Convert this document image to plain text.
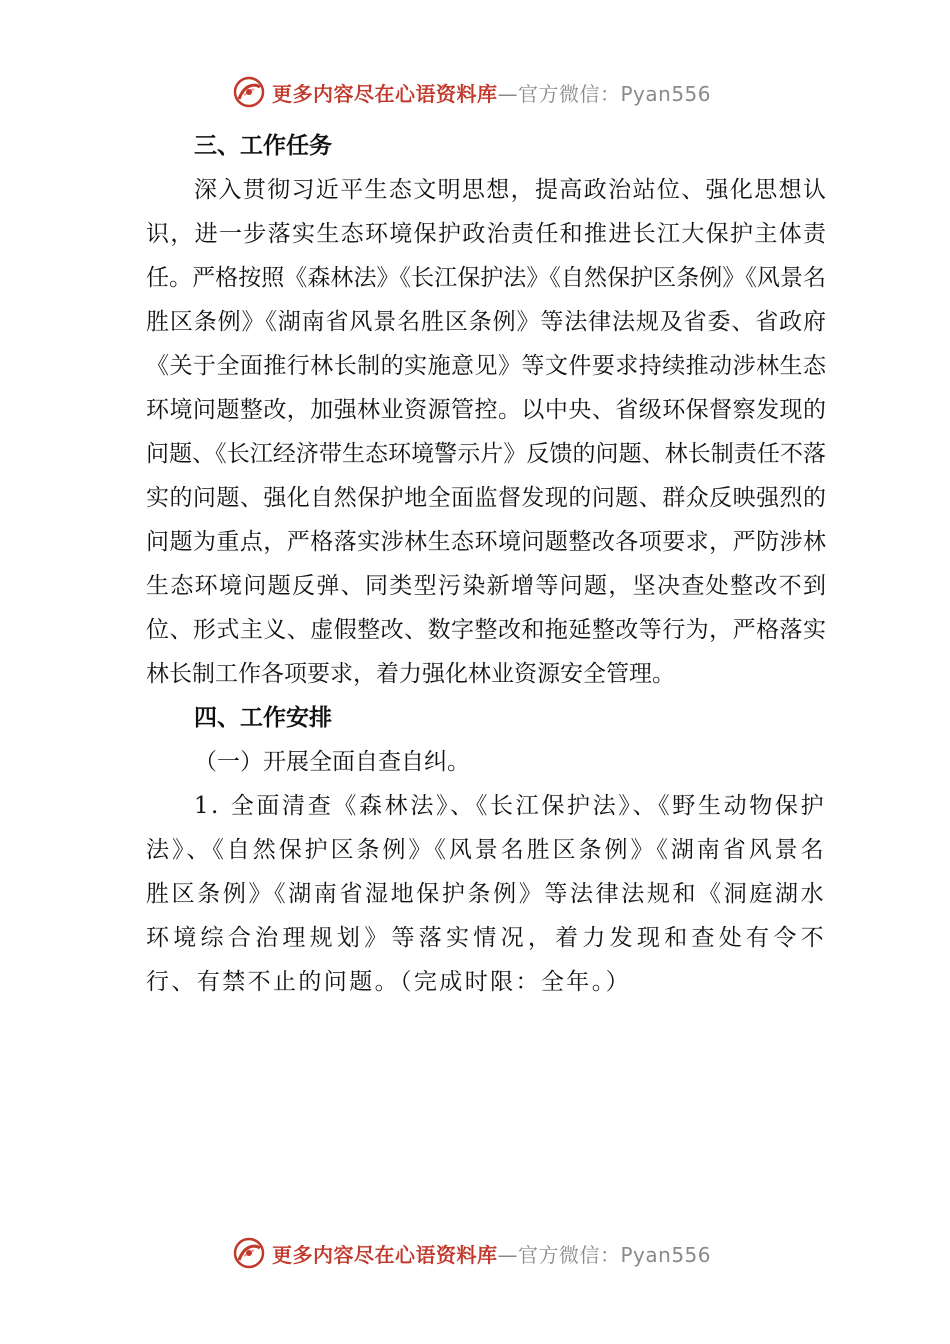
更多内容尽在心语资料库—官方微信：Pyan556

三、工作任务

深入贯彻习近平生态文明思想，提高政治站位、强化思想认识，进一步落实生态环境保护政治责任和推进长江大保护主体责任。严格按照《森林法》《长江保护法》《自然保护区条例》《风景名胜区条例》《湖南省风景名胜区条例》等法律法规及省委、省政府《关于全面推行林长制的实施意见》等文件要求持续推动涉林生态环境问题整改，加强林业资源管控。以中央、省级环保督察发现的问题、《长江经济带生态环境警示片》反馈的问题、林长制责任不落实的问题、强化自然保护地全面监督发现的问题、群众反映强烈的问题为重点，严格落实涉林生态环境问题整改各项要求，严防涉林生态环境问题反弹、同类型污染新增等问题，坚决查处整改不到位、形式主义、虚假整改、数字整改和拖延整改等行为，严格落实林长制工作各项要求，着力强化林业资源安全管理。

四、工作安排

（一）开展全面自查自纠。

1. 全面清查《森林法》、《长江保护法》、《野生动物保护法》、《自然保护区条例》《风景名胜区条例》《湖南省风景名胜区条例》《湖南省湿地保护条例》等法律法规和《洞庭湖水环境综合治理规划》等落实情况，着力发现和查处有令不行、有禁不止的问题。（完成时限：全年。）

更多内容尽在心语资料库—官方微信：Pyan556
